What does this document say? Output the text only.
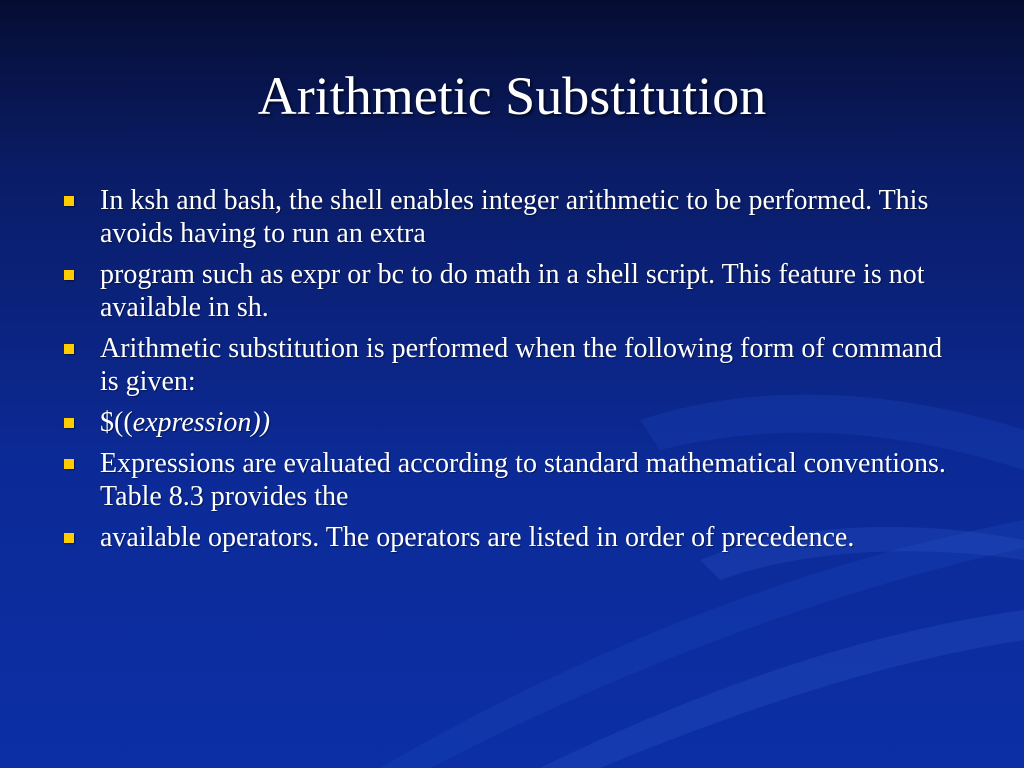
Arithmetic Substitution
In ksh and bash, the shell enables integer arithmetic to be performed. This avoids having to run an extra
program such as expr or bc to do math in a shell script. This feature is not available in sh.
Arithmetic substitution is performed when the following form of command is given:
$((expression))
Expressions are evaluated according to standard mathematical conventions. Table 8.3 provides the
available operators. The operators are listed in order of precedence.
